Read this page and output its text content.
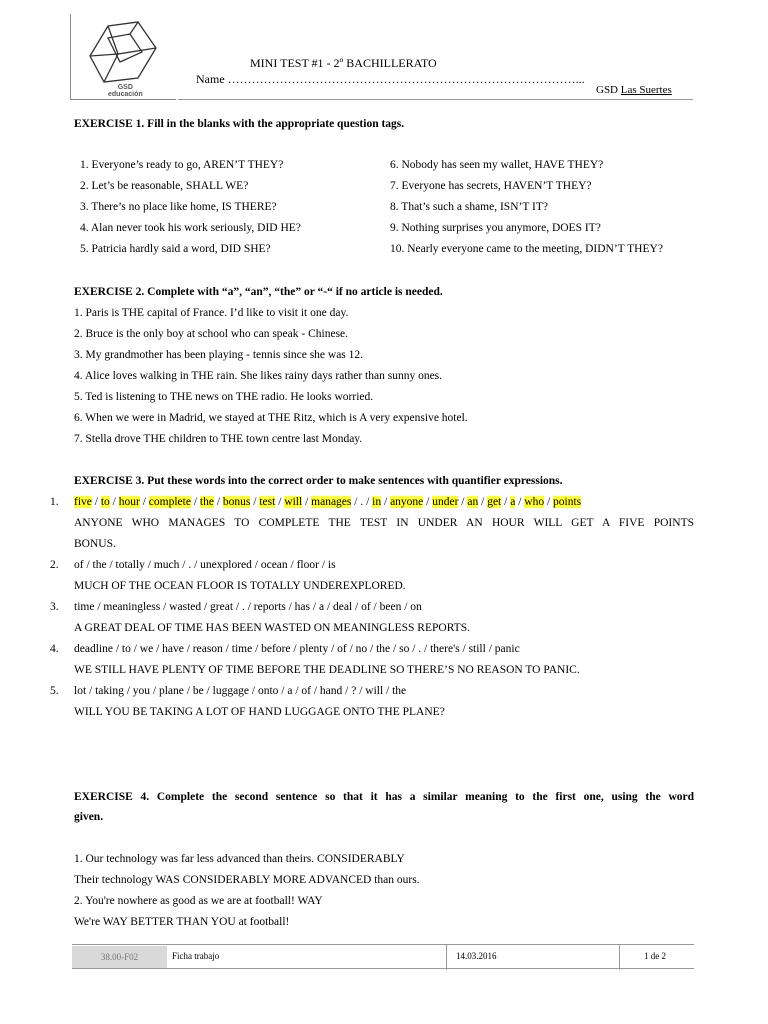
GSD
educación
MINI TEST #1 - 2º BACHILLERATO
Name ……………………………………………………………………………...
GSD Las Suertes
EXERCISE 1. Fill in the blanks with the appropriate question tags.
1. Everyone’s ready to go, AREN’T THEY?
2. Let’s be reasonable, SHALL WE?
3. There’s no place like home, IS THERE?
4. Alan never took his work seriously, DID HE?
5. Patricia hardly said a word, DID SHE?
6. Nobody has seen my wallet, HAVE THEY?
7. Everyone has secrets, HAVEN’T THEY?
8. That’s such a shame, ISN’T IT?
9. Nothing surprises you anymore, DOES IT?
10. Nearly everyone came to the meeting, DIDN’T THEY?
EXERCISE 2. Complete with “a”, “an”, “the” or “-“ if no article is needed.
1. Paris is THE capital of France. I’d like to visit it one day.
2. Bruce is the only boy at school who can speak - Chinese.
3. My grandmother has been playing - tennis since she was 12.
4. Alice loves walking in THE rain. She likes rainy days rather than sunny ones.
5. Ted is listening to THE news on THE radio. He looks worried.
6. When we were in Madrid, we stayed at THE Ritz, which is A very expensive hotel.
7. Stella drove THE children to THE town centre last Monday.
EXERCISE 3. Put these words into the correct order to make sentences with quantifier expressions.
1. five / to / hour / complete / the / bonus / test / will / manages / . / in / anyone / under / an / get / a / who / points
ANYONE WHO MANAGES TO COMPLETE THE TEST IN UNDER AN HOUR WILL GET A FIVE POINTS
BONUS.
2. of / the / totally / much / . / unexplored / ocean / floor / is
MUCH OF THE OCEAN FLOOR IS TOTALLY UNDEREXPLORED.
3. time / meaningless / wasted / great / . / reports / has / a / deal / of / been / on
A GREAT DEAL OF TIME HAS BEEN WASTED ON MEANINGLESS REPORTS.
4. deadline / to / we / have / reason / time / before / plenty / of / no / the / so / . / there's / still / panic
WE STILL HAVE PLENTY OF TIME BEFORE THE DEADLINE SO THERE’S NO REASON TO PANIC.
5. lot / taking / you / plane / be / luggage / onto / a / of / hand / ? / will / the
WILL YOU BE TAKING A LOT OF HAND LUGGAGE ONTO THE PLANE?
EXERCISE 4. Complete the second sentence so that it has a similar meaning to the first one, using the word
given.
1. Our technology was far less advanced than theirs. CONSIDERABLY
Their technology WAS CONSIDERABLY MORE ADVANCED than ours.
2. You're nowhere as good as we are at football! WAY
We're WAY BETTER THAN YOU at football!
38.00-F02	Ficha trabajo	14.03.2016	1 de 2
